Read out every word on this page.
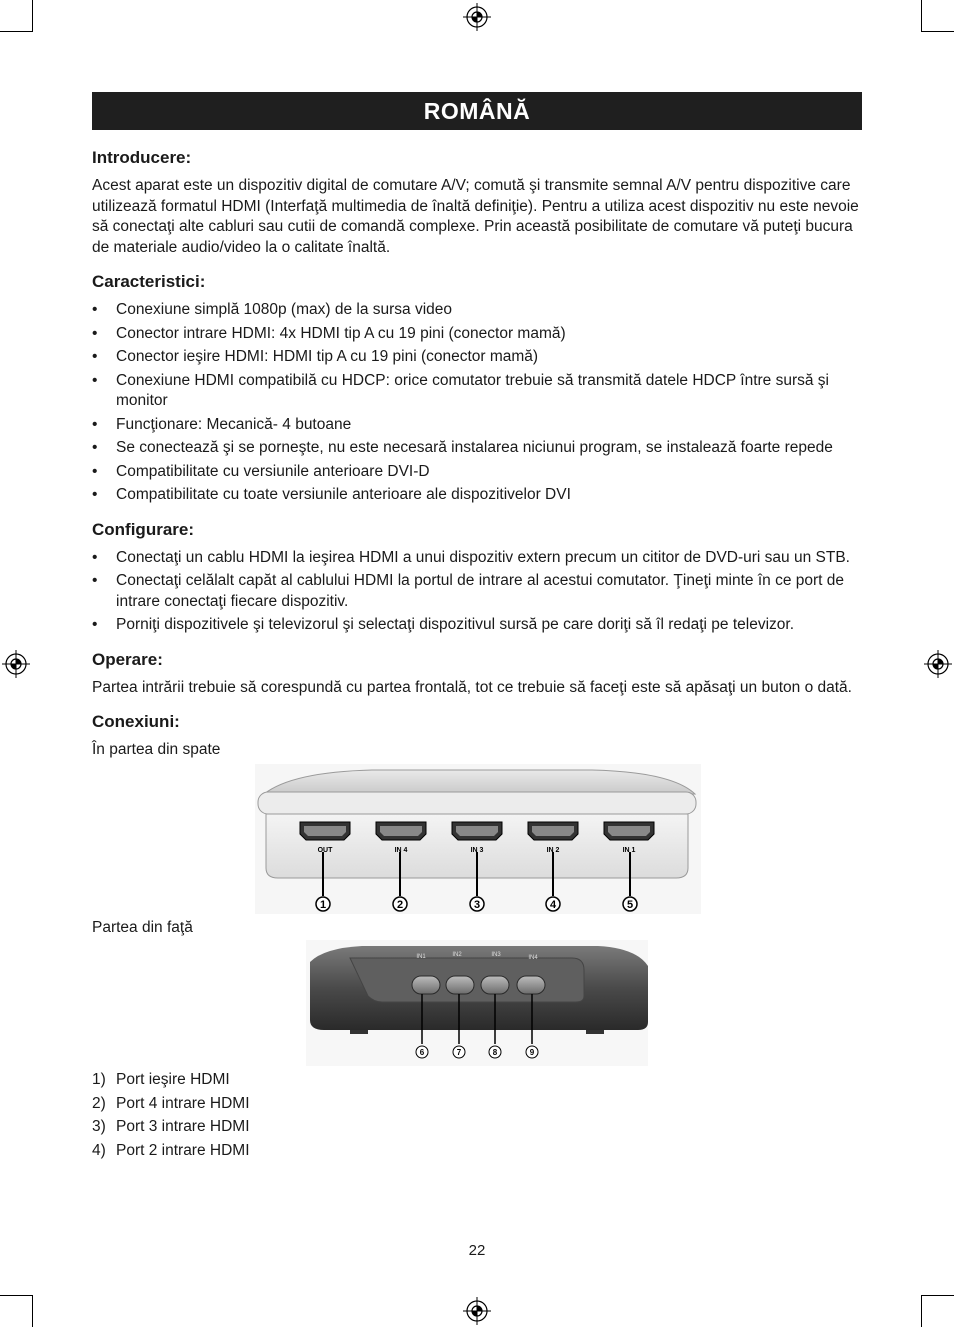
ROMÂNĂ
Introducere:

Acest aparat este un dispozitiv digital de comutare A/V; comută şi transmite semnal A/V pentru dispozitive care utilizează formatul HDMI (Interfaţă multimedia de înaltă definiţie). Pentru a utiliza acest dispozitiv nu este nevoie să conectaţi alte cabluri sau cutii de comandă complexe. Prin această posibilitate de comutare vă puteţi bucura de materiale audio/video la o calitate înaltă.

Caracteristici:
• Conexiune simplă 1080p (max) de la sursa video
• Conector intrare HDMI: 4x HDMI tip A cu 19 pini (conector mamă)
• Conector ieşire HDMI: HDMI tip A cu 19 pini (conector mamă)
• Conexiune HDMI compatibilă cu HDCP: orice comutator trebuie să transmită datele HDCP între sursă şi monitor
• Funcţionare: Mecanică- 4 butoane
• Se conectează şi se porneşte, nu este necesară instalarea niciunui program, se instalează foarte repede
• Compatibilitate cu versiunile anterioare DVI-D
• Compatibilitate cu toate versiunile anterioare ale dispozitivelor DVI
Configurare:
• Conectaţi un cablu HDMI la ieşirea HDMI a unui dispozitiv extern precum un cititor de DVD-uri sau un STB.
• Conectaţi celălalt capăt al cablului HDMI la portul de intrare al acestui comutator. Ţineţi minte în ce port de intrare conectaţi fiecare dispozitiv.
• Porniţi dispozitivele şi televizorul şi selectaţi dispozitivul sursă pe care doriţi să îl redaţi pe televizor.
Operare:

Partea intrării trebuie să corespundă cu partea frontală, tot ce trebuie să faceţi este să apăsaţi un buton o dată.

Conexiuni:
În partea din spate
OUT	IN 4	IN 3	IN 2	IN 1
1	2	3	4	5
Partea din faţă
IN1	IN2	IN3	IN4
6	7	8	9
1) Port ieşire HDMI
2) Port 4 intrare HDMI
3) Port 3 intrare HDMI
4) Port 2 intrare HDMI
22
